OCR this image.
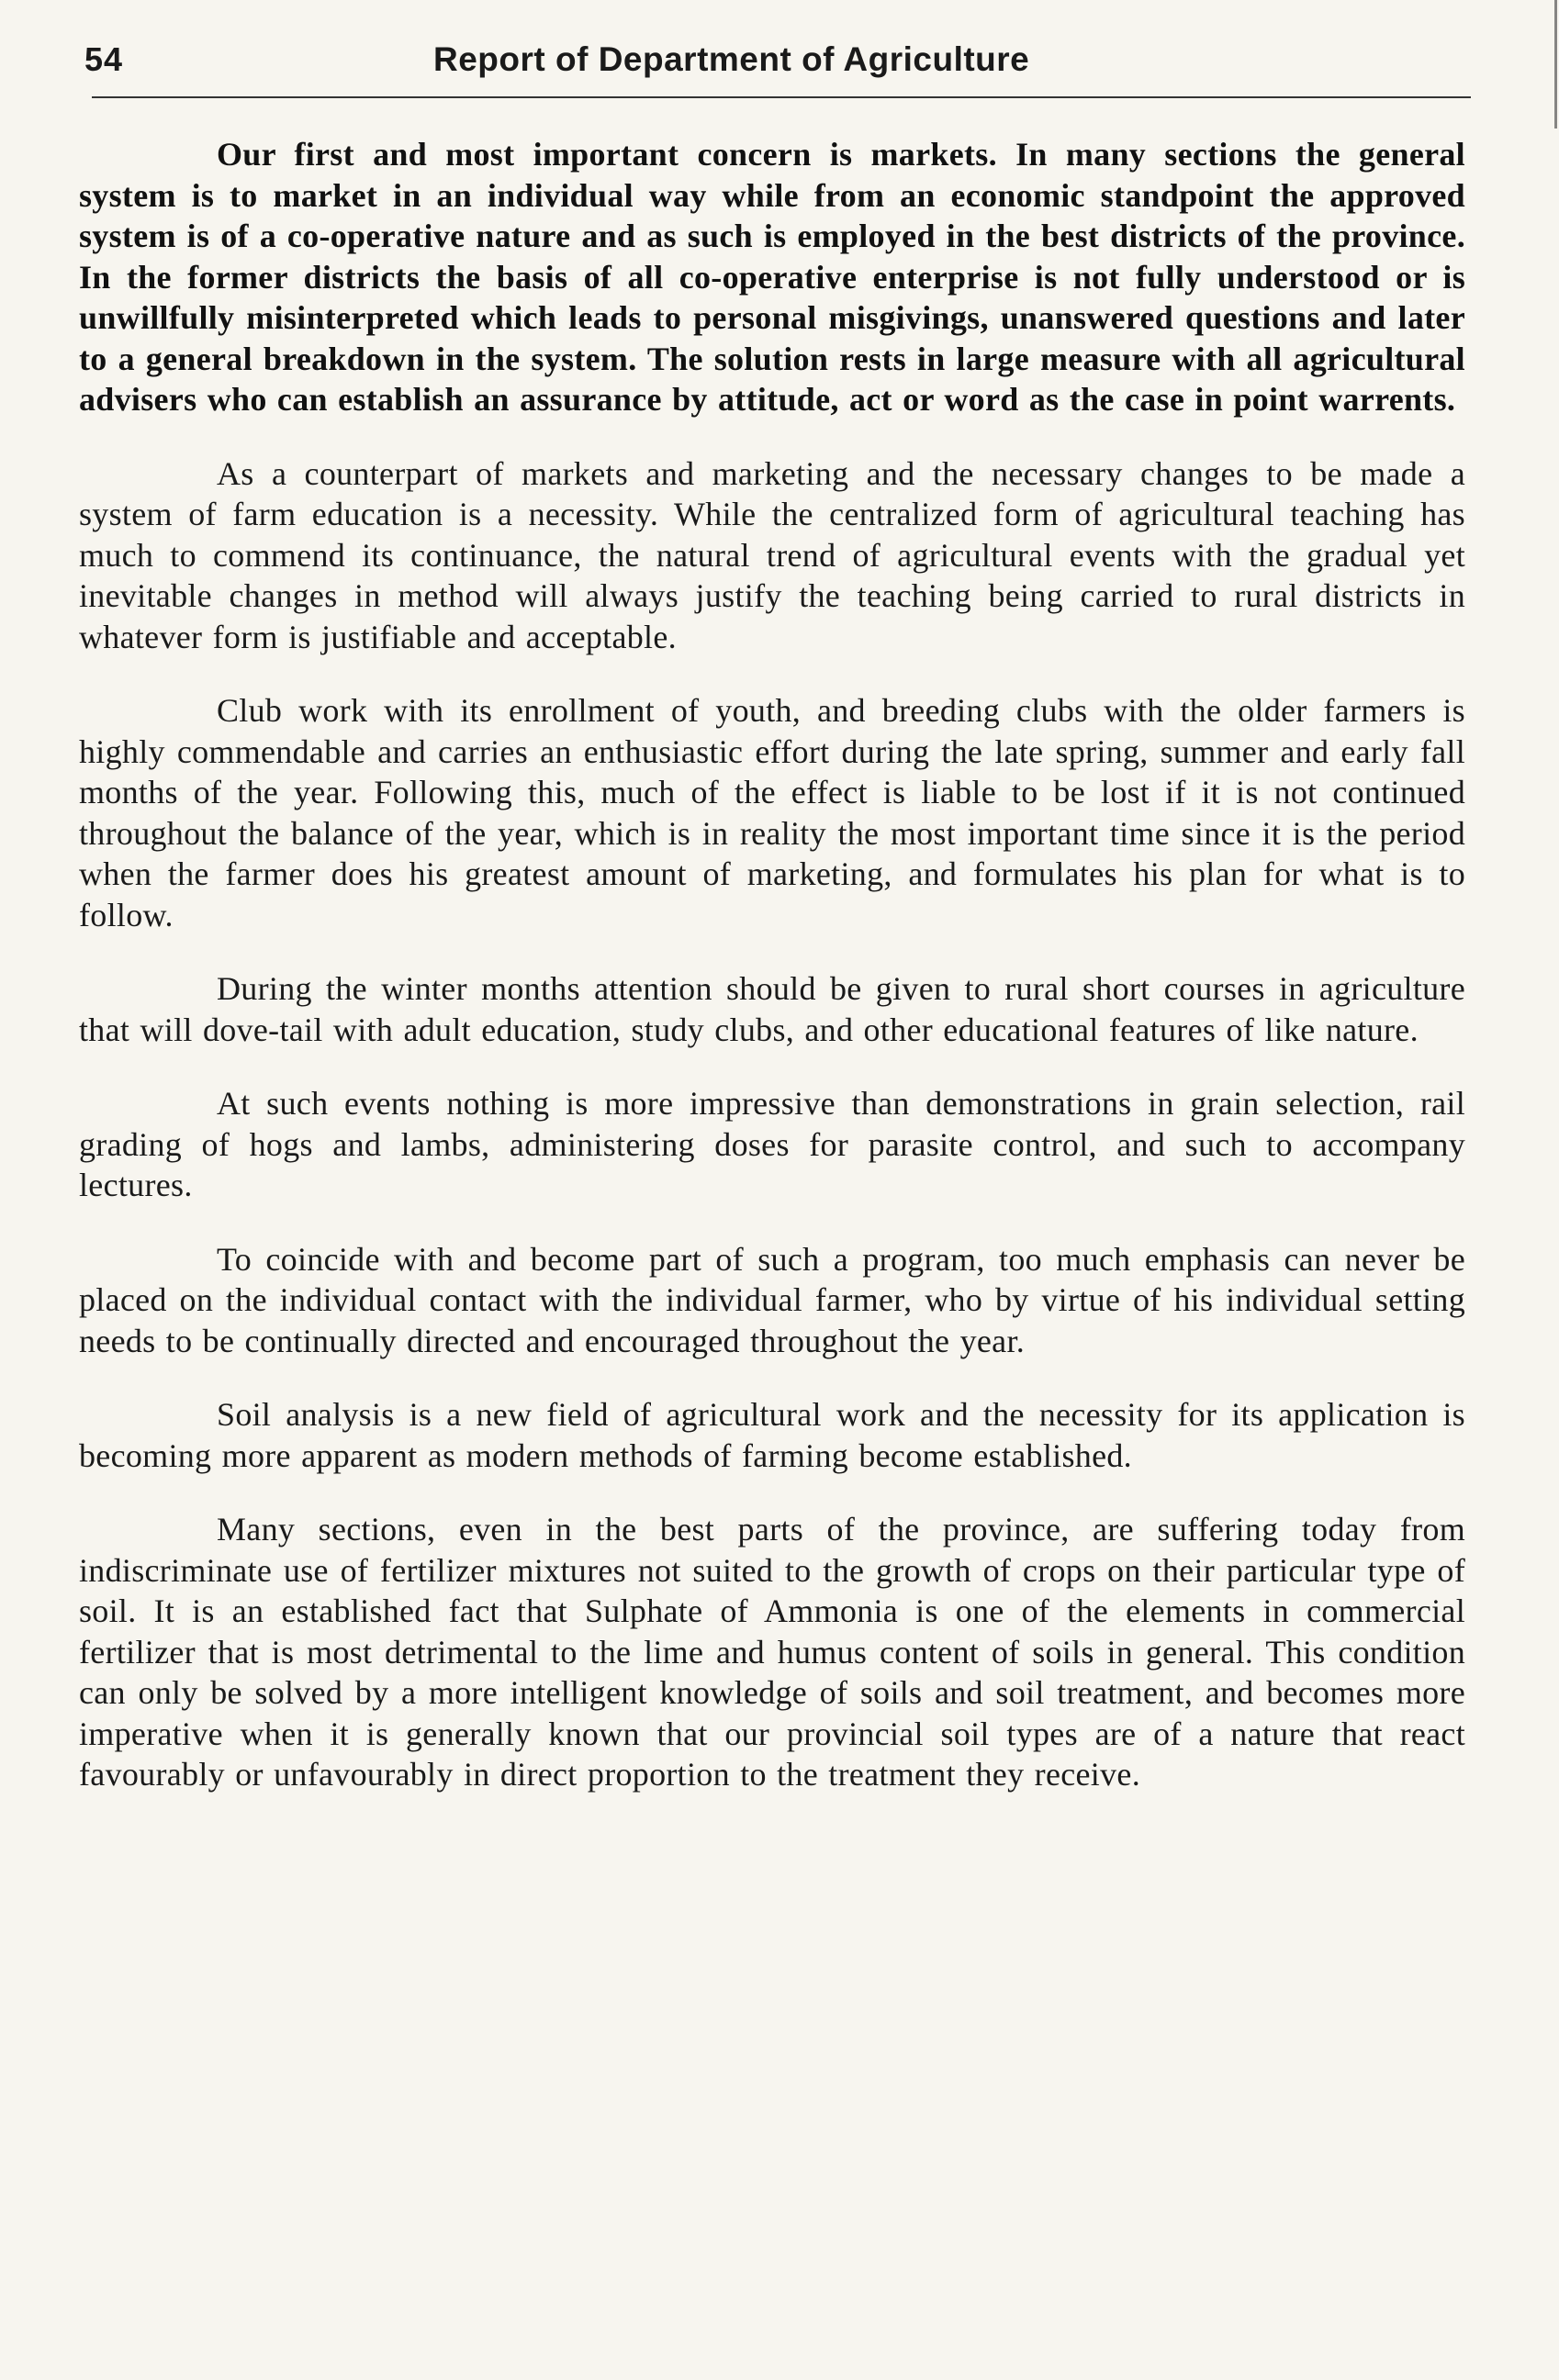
54	Report of Department of Agriculture

Our first and most important concern is markets. In many sections the general system is to market in an individual way while from an economic standpoint the approved system is of a co-operative nature and as such is employed in the best districts of the province. In the former districts the basis of all co-operative enterprise is not fully understood or is unwillfully misinterpreted which leads to personal misgivings, unanswered questions and later to a general breakdown in the system. The solution rests in large measure with all agricultural advisers who can establish an assurance by attitude, act or word as the case in point warrents.

As a counterpart of markets and marketing and the necessary changes to be made a system of farm education is a necessity. While the centralized form of agricultural teaching has much to commend its continuance, the natural trend of agricultural events with the gradual yet inevitable changes in method will always justify the teaching being carried to rural districts in whatever form is justifiable and acceptable.

Club work with its enrollment of youth, and breeding clubs with the older farmers is highly commendable and carries an enthusiastic effort during the late spring, summer and early fall months of the year. Following this, much of the effect is liable to be lost if it is not continued throughout the balance of the year, which is in reality the most important time since it is the period when the farmer does his greatest amount of marketing, and formulates his plan for what is to follow.

During the winter months attention should be given to rural short courses in agriculture that will dove-tail with adult education, study clubs, and other educational features of like nature.

At such events nothing is more impressive than demonstrations in grain selection, rail grading of hogs and lambs, administering doses for parasite control, and such to accompany lectures.

To coincide with and become part of such a program, too much emphasis can never be placed on the individual contact with the individual farmer, who by virtue of his individual setting needs to be continually directed and encouraged throughout the year.

Soil analysis is a new field of agricultural work and the necessity for its application is becoming more apparent as modern methods of farming become established.

Many sections, even in the best parts of the province, are suffering today from indiscriminate use of fertilizer mixtures not suited to the growth of crops on their particular type of soil. It is an established fact that Sulphate of Ammonia is one of the elements in commercial fertilizer that is most detrimental to the lime and humus content of soils in general. This condition can only be solved by a more intelligent knowledge of soils and soil treatment, and becomes more imperative when it is generally known that our provincial soil types are of a nature that react favourably or unfavourably in direct proportion to the treatment they receive.
